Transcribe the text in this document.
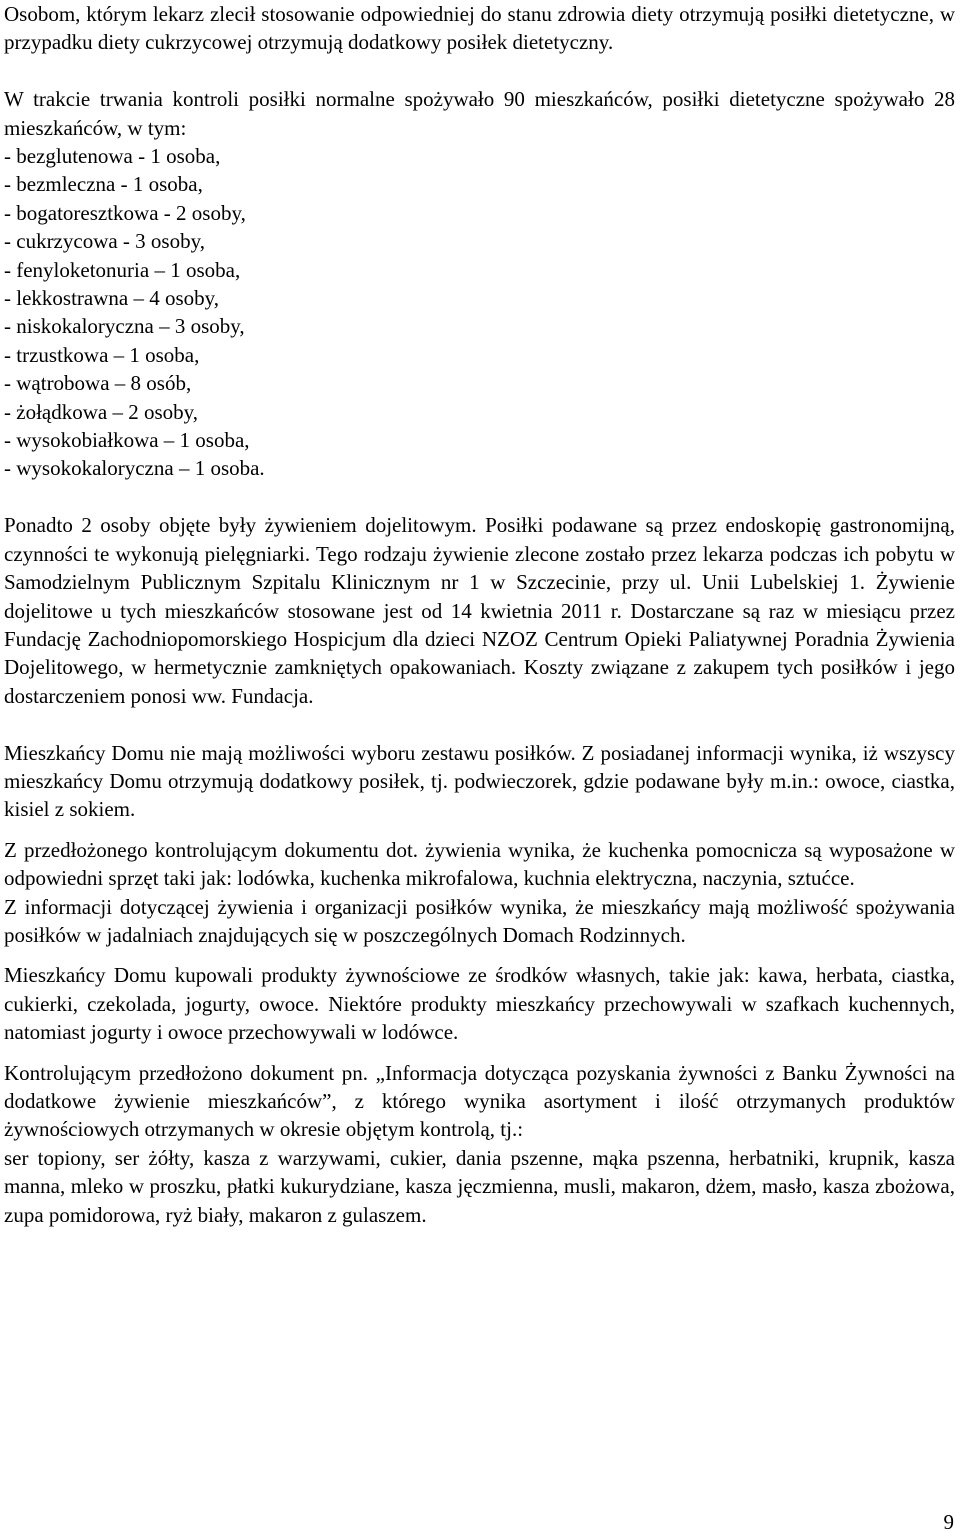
Osobom, którym lekarz zlecił stosowanie odpowiedniej do stanu zdrowia diety otrzymują posiłki dietetyczne, w przypadku diety cukrzycowej otrzymują dodatkowy posiłek dietetyczny.

W trakcie trwania kontroli posiłki normalne spożywało 90 mieszkańców, posiłki dietetyczne spożywało 28 mieszkańców, w tym:

- bezglutenowa - 1 osoba,

- bezmleczna - 1 osoba,

- bogatoresztkowa - 2 osoby,

- cukrzycowa - 3 osoby,

- fenyloketonuria – 1 osoba,

- lekkostrawna – 4 osoby,

- niskokaloryczna – 3 osoby,

- trzustkowa – 1 osoba,

- wątrobowa – 8 osób,

- żołądkowa – 2 osoby,

- wysokobiałkowa – 1 osoba,

- wysokokaloryczna – 1 osoba.

Ponadto 2 osoby objęte były żywieniem dojelitowym. Posiłki podawane są przez endoskopię gastronomijną, czynności te wykonują pielęgniarki. Tego rodzaju żywienie zlecone zostało przez lekarza podczas ich pobytu w Samodzielnym Publicznym Szpitalu Klinicznym nr 1 w Szczecinie, przy ul. Unii Lubelskiej 1. Żywienie dojelitowe u tych mieszkańców stosowane jest od 14 kwietnia 2011 r. Dostarczane są raz w miesiącu przez Fundację Zachodniopomorskiego Hospicjum dla dzieci NZOZ Centrum Opieki Paliatywnej Poradnia Żywienia Dojelitowego, w hermetycznie zamkniętych opakowaniach. Koszty związane z zakupem tych posiłków i jego dostarczeniem ponosi ww. Fundacja.

Mieszkańcy Domu nie mają możliwości wyboru zestawu posiłków. Z posiadanej informacji wynika, iż wszyscy mieszkańcy Domu otrzymują dodatkowy posiłek, tj. podwieczorek, gdzie podawane były m.in.: owoce, ciastka, kisiel z sokiem.

Z przedłożonego kontrolującym dokumentu dot. żywienia wynika, że kuchenka pomocnicza są wyposażone w odpowiedni sprzęt taki jak: lodówka, kuchenka mikrofalowa, kuchnia elektryczna, naczynia, sztućce.

Z informacji dotyczącej żywienia i organizacji posiłków wynika, że mieszkańcy mają możliwość spożywania posiłków w jadalniach znajdujących się w poszczególnych Domach Rodzinnych.

Mieszkańcy Domu kupowali produkty żywnościowe ze środków własnych, takie jak: kawa, herbata, ciastka, cukierki, czekolada, jogurty, owoce. Niektóre produkty mieszkańcy przechowywali w szafkach kuchennych, natomiast jogurty i owoce przechowywali w lodówce.

Kontrolującym przedłożono dokument pn. „Informacja dotycząca pozyskania żywności z Banku Żywności na dodatkowe żywienie mieszkańców”, z którego wynika asortyment i ilość otrzymanych produktów żywnościowych otrzymanych w okresie objętym kontrolą, tj.:

ser topiony, ser żółty, kasza z warzywami, cukier, dania pszenne, mąka pszenna, herbatniki, krupnik, kasza manna, mleko w proszku, płatki kukurydziane, kasza jęczmienna, musli, makaron, dżem, masło, kasza zbożowa, zupa pomidorowa, ryż biały, makaron z gulaszem.

9
